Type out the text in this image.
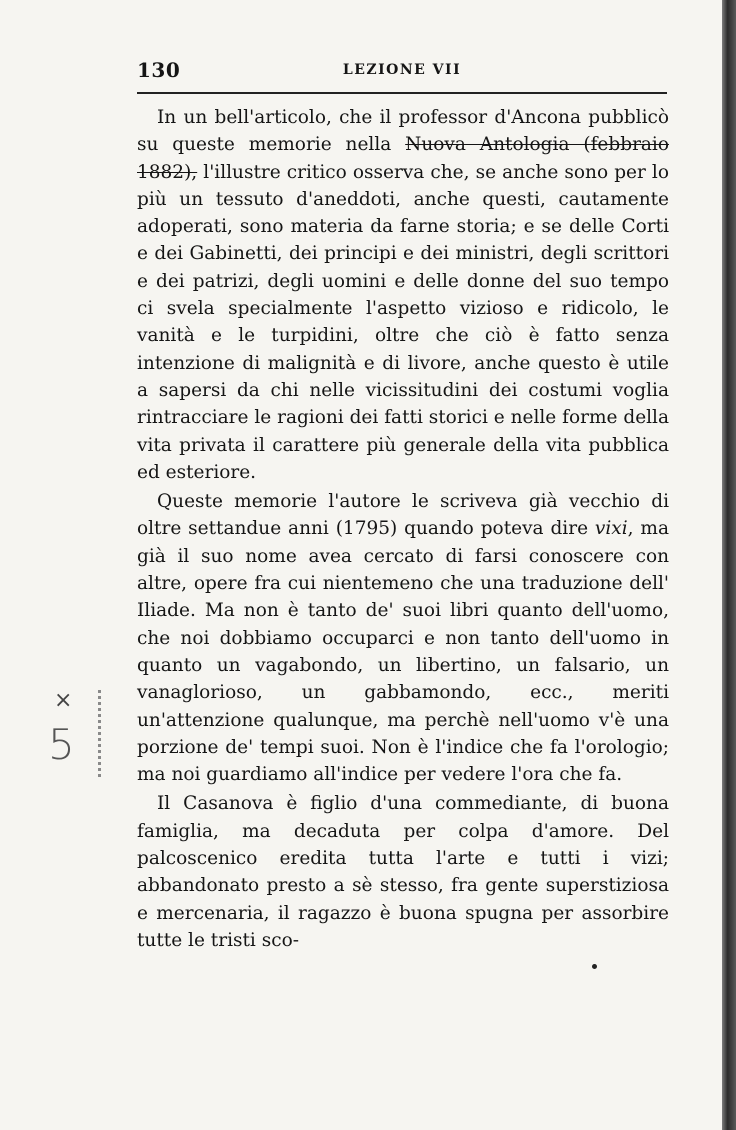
130	LEZIONE VII

In un bell'articolo, che il professor d'Ancona pubblicò su queste memorie nella Nuova Antologia (febbraio 1882), l'illustre critico osserva che, se anche sono per lo più un tessuto d'aneddoti, anche questi, cautamente adoperati, sono materia da farne storia; e se delle Corti e dei Gabinetti, dei principi e dei ministri, degli scrittori e dei patrizi, degli uomini e delle donne del suo tempo ci svela specialmente l'aspetto vizioso e ridicolo, le vanità e le turpidini, oltre che ciò è fatto senza intenzione di malignità e di livore, anche questo è utile a sapersi da chi nelle vicissitudini dei costumi voglia rintracciare le ragioni dei fatti storici e nelle forme della vita privata il carattere più generale della vita pubblica ed esteriore.

Queste memorie l'autore le scriveva già vecchio di oltre settandue anni (1795) quando poteva dire vixi, ma già il suo nome avea cercato di farsi conoscere con altre, opere fra cui nientemeno che una traduzione dell' Iliade. Ma non è tanto de' suoi libri quanto dell'uomo, che noi dobbiamo occuparci e non tanto dell'uomo in quanto un vagabondo, un libertino, un falsario, un vanaglorioso, un gabbamondo, ecc., meriti un'attenzione qualunque, ma perchè nell'uomo v'è una porzione de' tempi suoi. Non è l'indice che fa l'orologio; ma noi guardiamo all'indice per vedere l'ora che fa.

Il Casanova è figlio d'una commediante, di buona famiglia, ma decaduta per colpa d'amore. Del palcoscenico eredita tutta l'arte e tutti i vizi; abbandonato presto a sè stesso, fra gente superstiziosa e mercenaria, il ragazzo è buona spugna per assorbire tutte le tristi sco-

×
5
